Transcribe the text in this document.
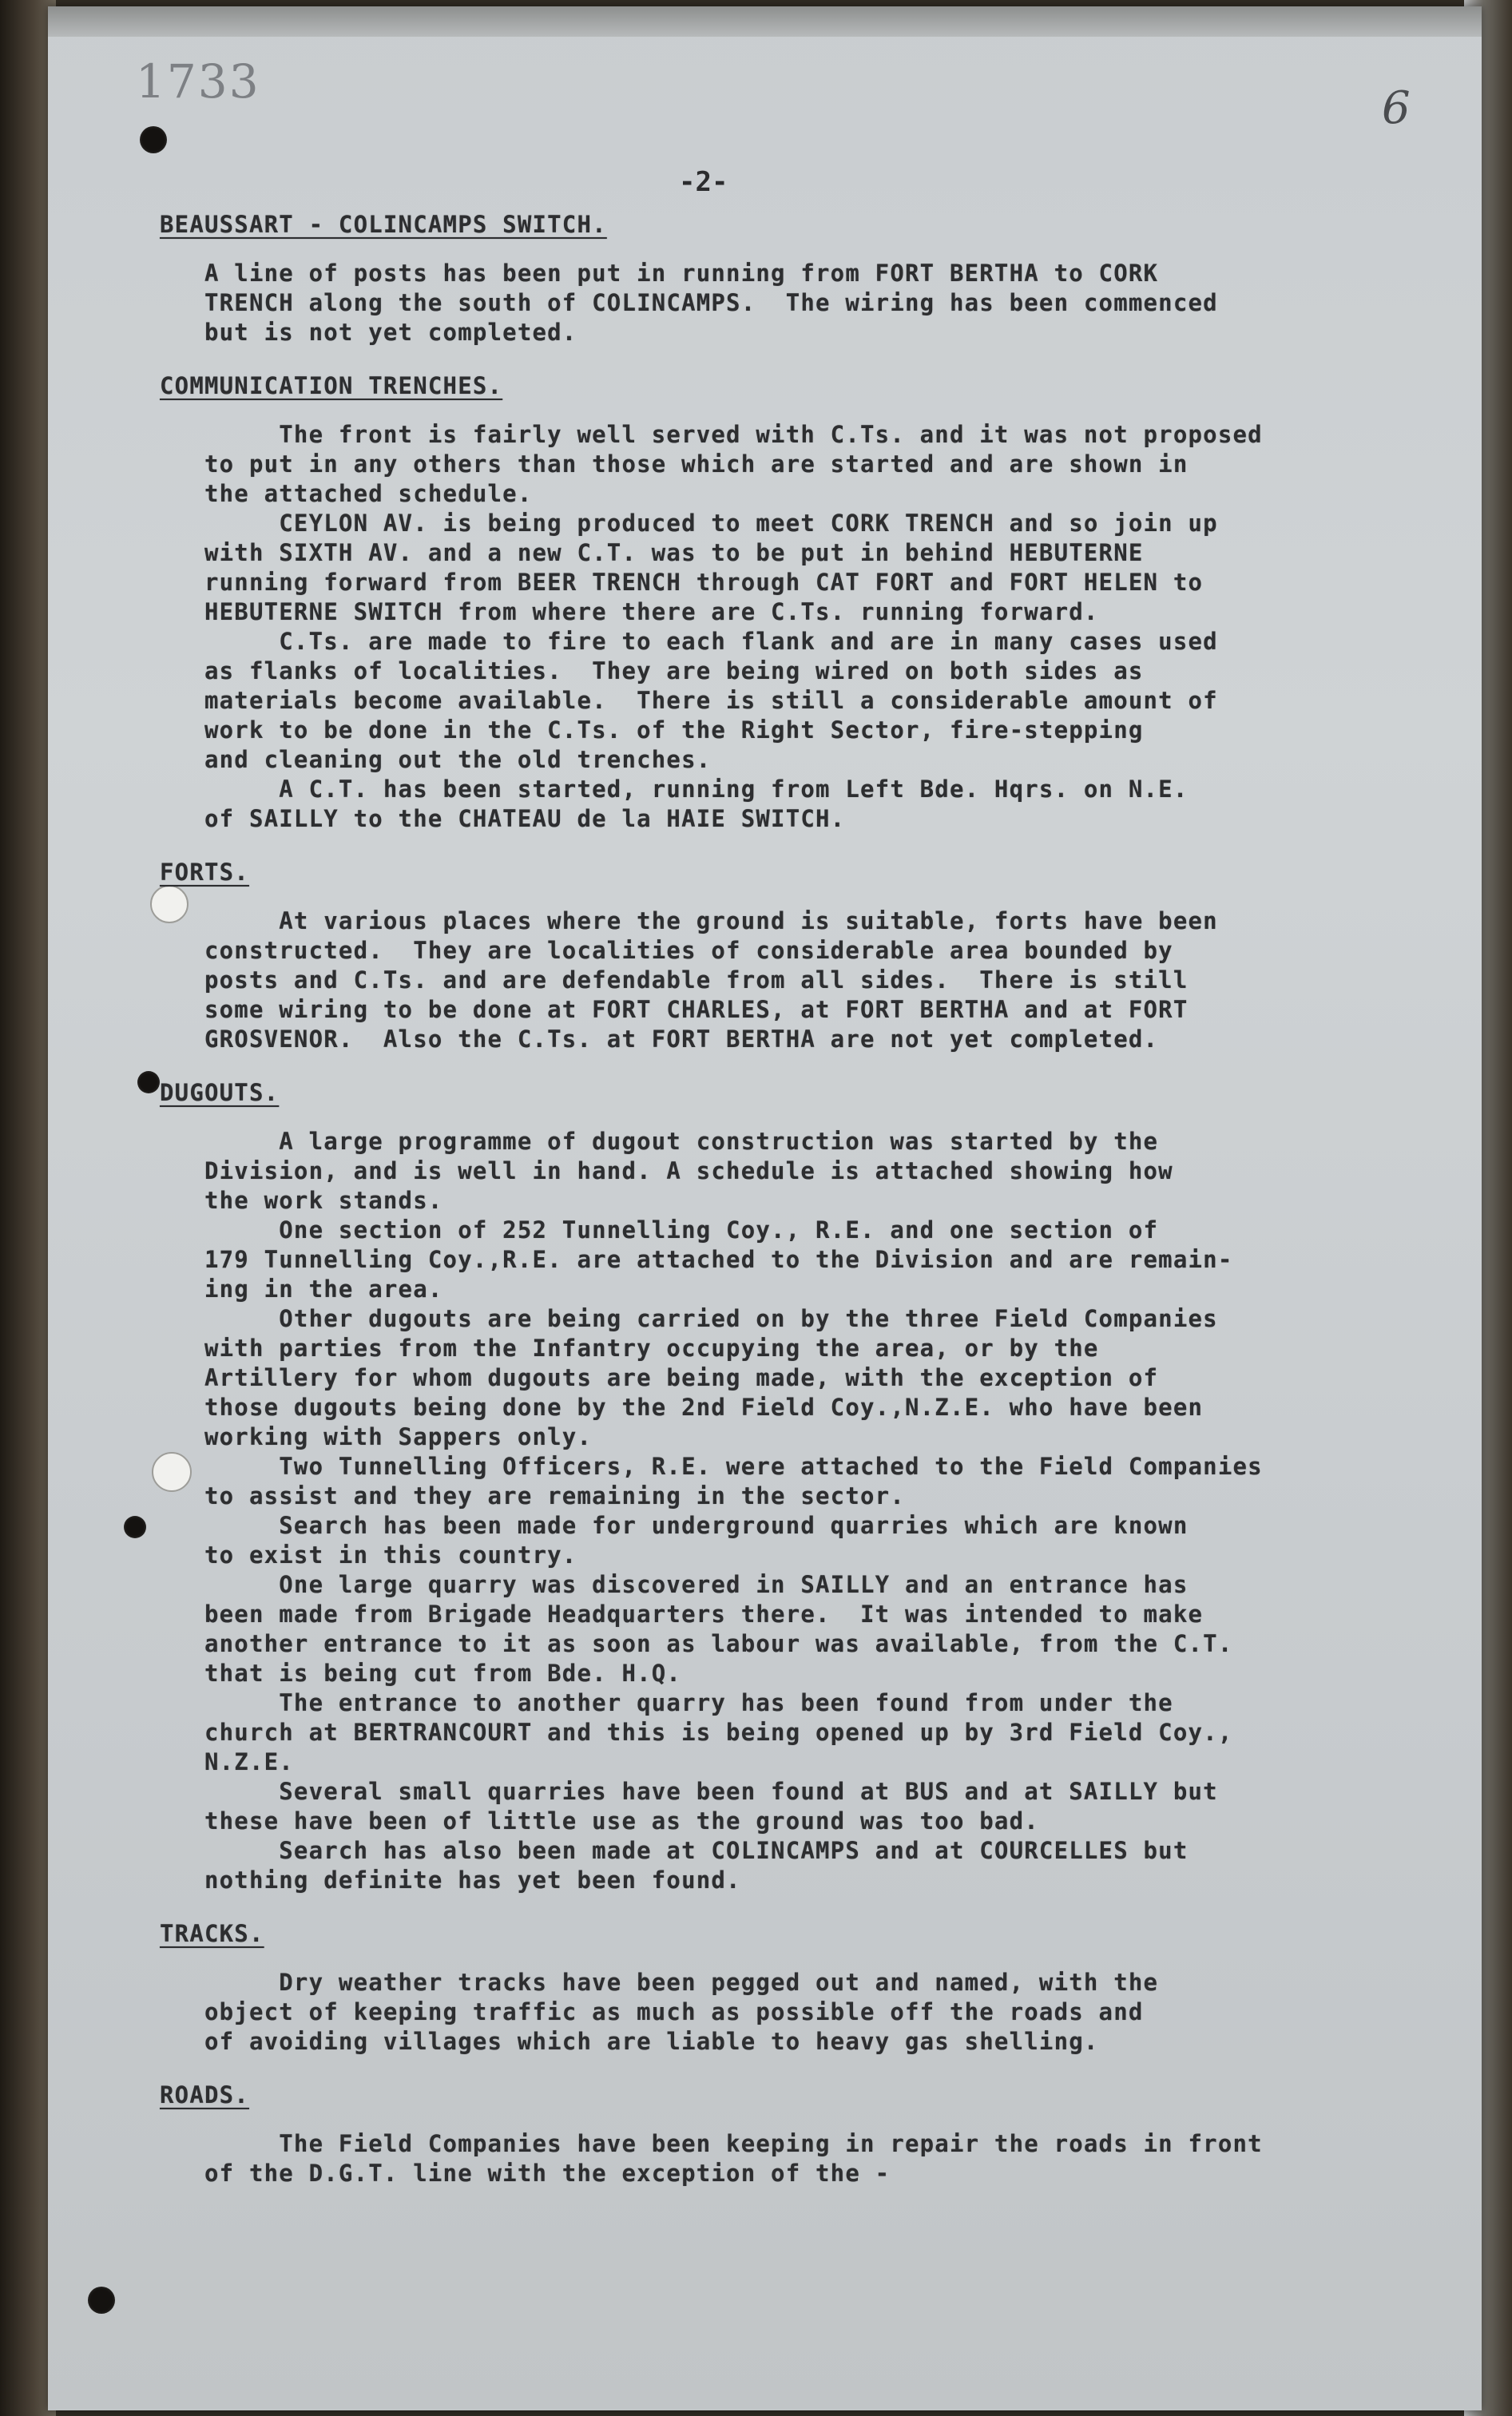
1733	6
-2-
BEAUSSART - COLINCAMPS SWITCH.
A line of posts has been put in running from FORT BERTHA to CORK
TRENCH along the south of COLINCAMPS.  The wiring has been commenced
but is not yet completed.
COMMUNICATION TRENCHES.
The front is fairly well served with C.Ts. and it was not proposed
to put in any others than those which are started and are shown in
the attached schedule.
CEYLON AV. is being produced to meet CORK TRENCH and so join up
with SIXTH AV. and a new C.T. was to be put in behind HEBUTERNE
running forward from BEER TRENCH through CAT FORT and FORT HELEN to
HEBUTERNE SWITCH from where there are C.Ts. running forward.
C.Ts. are made to fire to each flank and are in many cases used
as flanks of localities.  They are being wired on both sides as
materials become available.  There is still a considerable amount of
work to be done in the C.Ts. of the Right Sector, fire-stepping
and cleaning out the old trenches.
A C.T. has been started, running from Left Bde. Hqrs. on N.E.
of SAILLY to the CHATEAU de la HAIE SWITCH.
FORTS.
At various places where the ground is suitable, forts have been
constructed.  They are localities of considerable area bounded by
posts and C.Ts. and are defendable from all sides.  There is still
some wiring to be done at FORT CHARLES, at FORT BERTHA and at FORT
GROSVENOR.  Also the C.Ts. at FORT BERTHA are not yet completed.
DUGOUTS.
A large programme of dugout construction was started by the
Division, and is well in hand. A schedule is attached showing how
the work stands.
One section of 252 Tunnelling Coy., R.E. and one section of
179 Tunnelling Coy.,R.E. are attached to the Division and are remain-
ing in the area.
Other dugouts are being carried on by the three Field Companies
with parties from the Infantry occupying the area, or by the
Artillery for whom dugouts are being made, with the exception of
those dugouts being done by the 2nd Field Coy.,N.Z.E. who have been
working with Sappers only.
Two Tunnelling Officers, R.E. were attached to the Field Companies
to assist and they are remaining in the sector.
Search has been made for underground quarries which are known
to exist in this country.
One large quarry was discovered in SAILLY and an entrance has
been made from Brigade Headquarters there.  It was intended to make
another entrance to it as soon as labour was available, from the C.T.
that is being cut from Bde. H.Q.
The entrance to another quarry has been found from under the
church at BERTRANCOURT and this is being opened up by 3rd Field Coy.,
N.Z.E.
Several small quarries have been found at BUS and at SAILLY but
these have been of little use as the ground was too bad.
Search has also been made at COLINCAMPS and at COURCELLES but
nothing definite has yet been found.
TRACKS.
Dry weather tracks have been pegged out and named, with the
object of keeping traffic as much as possible off the roads and
of avoiding villages which are liable to heavy gas shelling.
ROADS.
The Field Companies have been keeping in repair the roads in front
of the D.G.T. line with the exception of the -
